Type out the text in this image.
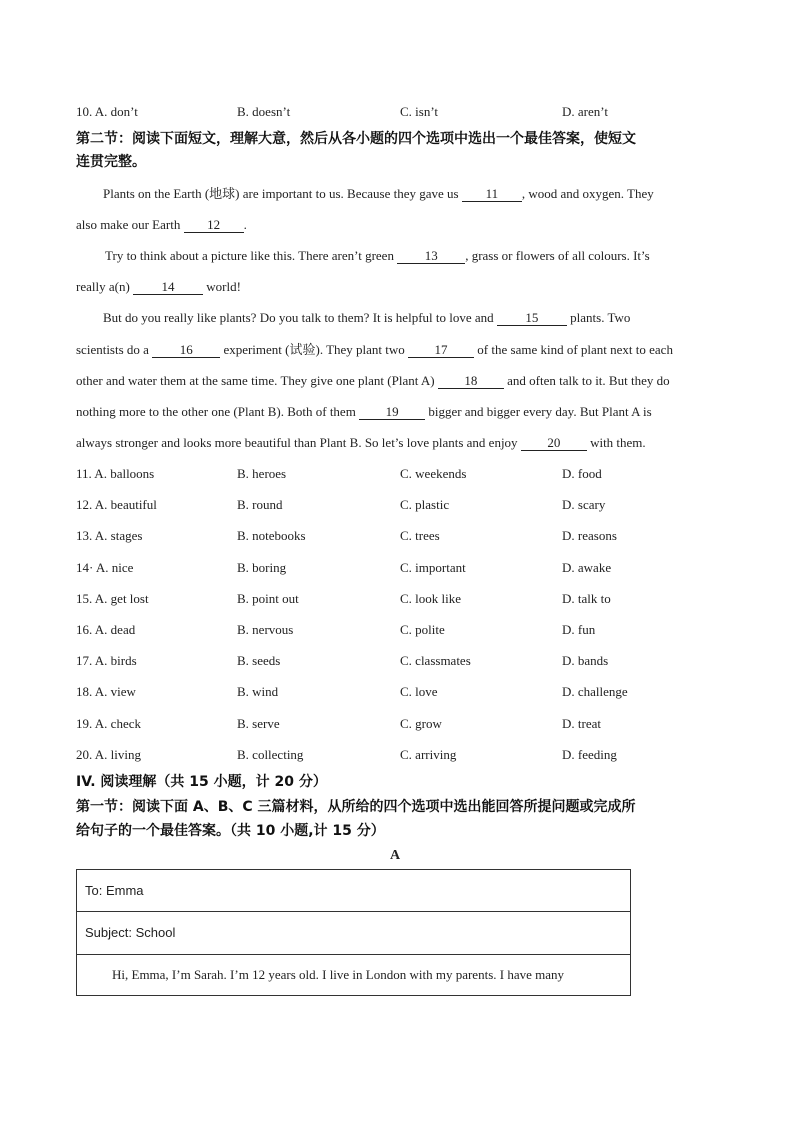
10. A. don’t	B. doesn’t	C. isn’t	D. aren’t
第二节：阅读下面短文，理解大意，然后从各小题的四个选项中选出一个最佳答案，使短文
连贯完整。
Plants on the Earth (地球) are important to us. Because they gave us 11 , wood and oxygen. They
also make our Earth 12 .
Try to think about a picture like this. There aren’t green 13 , grass or flowers of all colours. It’s
really a(n) 14 world!
But do you really like plants? Do you talk to them? It is helpful to love and 15 plants. Two
scientists do a 16 experiment (试验). They plant two 17 of the same kind of plant next to each
other and water them at the same time. They give one plant (Plant A) 18 and often talk to it. But they do
nothing more to the other one (Plant B). Both of them 19 bigger and bigger every day. But Plant A is
always stronger and looks more beautiful than Plant B. So let’s love plants and enjoy 20 with them.
11. A. balloons	B. heroes	C. weekends	D. food
12. A. beautiful	B. round	C. plastic	D. scary
13. A. stages	B. notebooks	C. trees	D. reasons
14· A. nice	B. boring	C. important	D. awake
15. A. get lost	B. point out	C. look like	D. talk to
16. A. dead	B. nervous	C. polite	D. fun
17. A. birds	B. seeds	C. classmates	D. bands
18. A. view	B. wind	C. love	D. challenge
19. A. check	B. serve	C. grow	D. treat
20. A. living	B. collecting	C. arriving	D. feeding
IV. 阅读理解（共 15 小题，计 20 分）
第一节：阅读下面 A、B、C 三篇材料，从所给的四个选项中选出能回答所提问题或完成所
给句子的一个最佳答案。（共 10 小题,计 15 分）
A
To: Emma
Subject: School
Hi, Emma, I’m Sarah. I’m 12 years old. I live in London with my parents. I have many
